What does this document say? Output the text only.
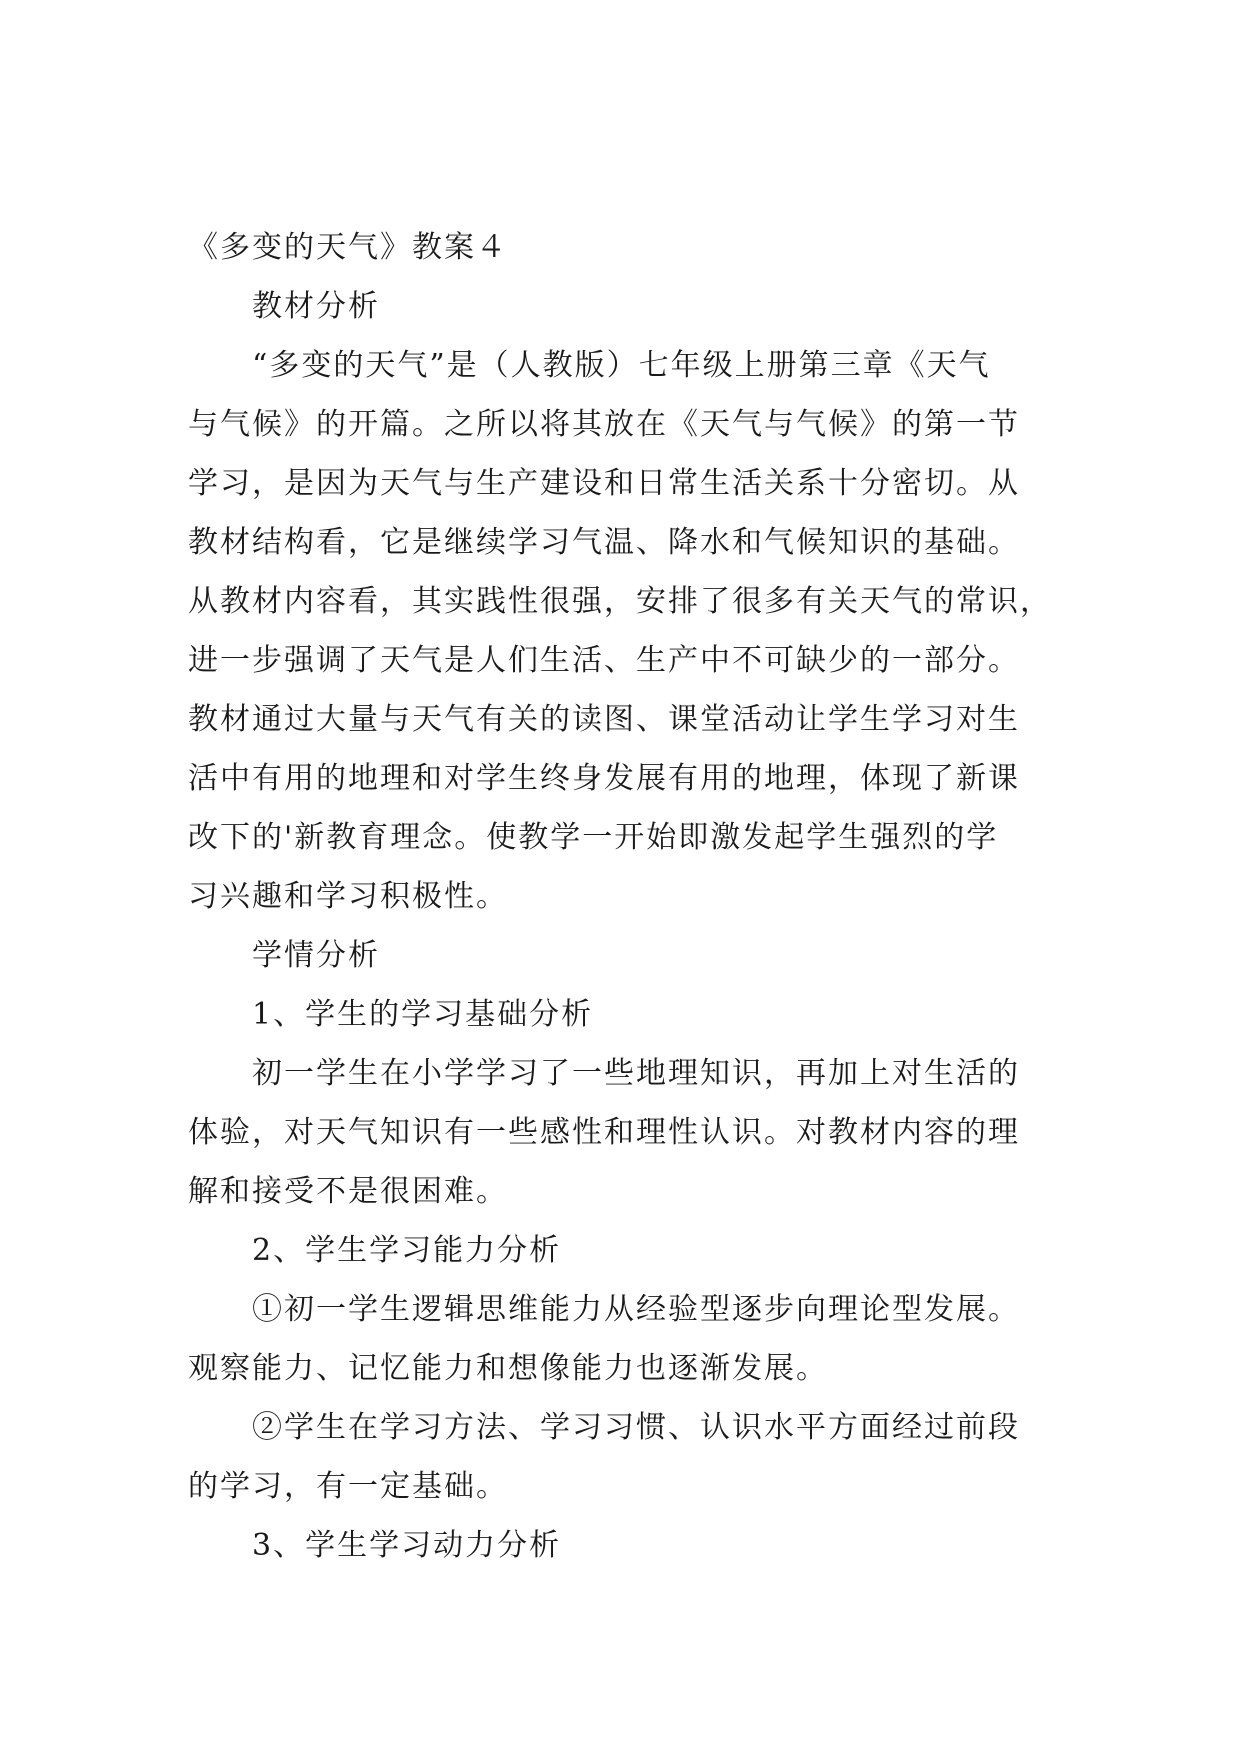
《多变的天气》教案４
教材分析
“多变的天气”是（人教版）七年级上册第三章《天气
与气候》的开篇。之所以将其放在《天气与气候》的第一节
学习，是因为天气与生产建设和日常生活关系十分密切。从
教材结构看，它是继续学习气温、降水和气候知识的基础。
从教材内容看，其实践性很强，安排了很多有关天气的常识，
进一步强调了天气是人们生活、生产中不可缺少的一部分。
教材通过大量与天气有关的读图、课堂活动让学生学习对生
活中有用的地理和对学生终身发展有用的地理，体现了新课
改下的'新教育理念。使教学一开始即激发起学生强烈的学
习兴趣和学习积极性。
学情分析
1、学生的学习基础分析
初一学生在小学学习了一些地理知识，再加上对生活的
体验，对天气知识有一些感性和理性认识。对教材内容的理
解和接受不是很困难。
2、学生学习能力分析
①初一学生逻辑思维能力从经验型逐步向理论型发展。
观察能力、记忆能力和想像能力也逐渐发展。
②学生在学习方法、学习习惯、认识水平方面经过前段
的学习，有一定基础。
3、学生学习动力分析
